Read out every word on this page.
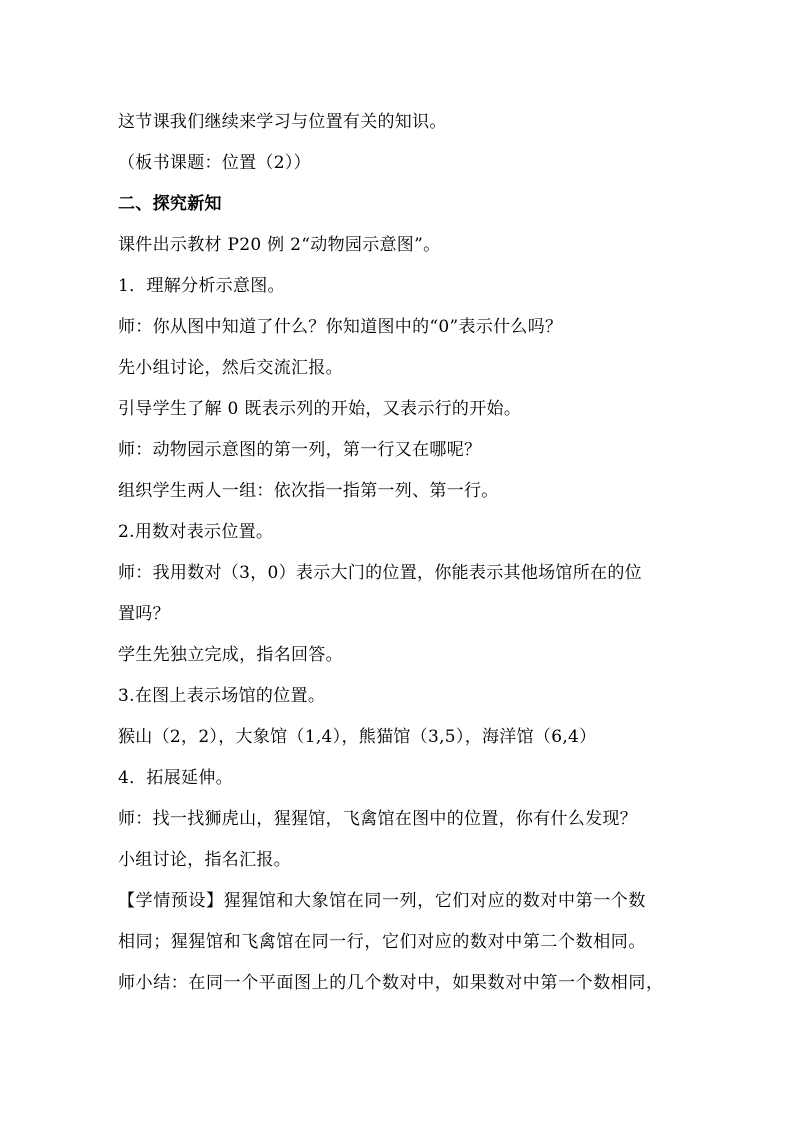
这节课我们继续来学习与位置有关的知识。
（板书课题：位置（2））
二、探究新知
课件出示教材 P20 例 2“动物园示意图”。
1．理解分析示意图。
师：你从图中知道了什么？你知道图中的“0”表示什么吗？
先小组讨论，然后交流汇报。
引导学生了解 0 既表示列的开始，又表示行的开始。
师：动物园示意图的第一列，第一行又在哪呢？
组织学生两人一组：依次指一指第一列、第一行。
2.用数对表示位置。
师：我用数对（3，0）表示大门的位置，你能表示其他场馆所在的位
置吗？
学生先独立完成，指名回答。
3.在图上表示场馆的位置。
猴山（2，2），大象馆（1,4），熊猫馆（3,5），海洋馆（6,4）
4．拓展延伸。
师：找一找狮虎山，猩猩馆，飞禽馆在图中的位置，你有什么发现？
小组讨论，指名汇报。
【学情预设】猩猩馆和大象馆在同一列，它们对应的数对中第一个数
相同；猩猩馆和飞禽馆在同一行，它们对应的数对中第二个数相同。
师小结：在同一个平面图上的几个数对中，如果数对中第一个数相同，
